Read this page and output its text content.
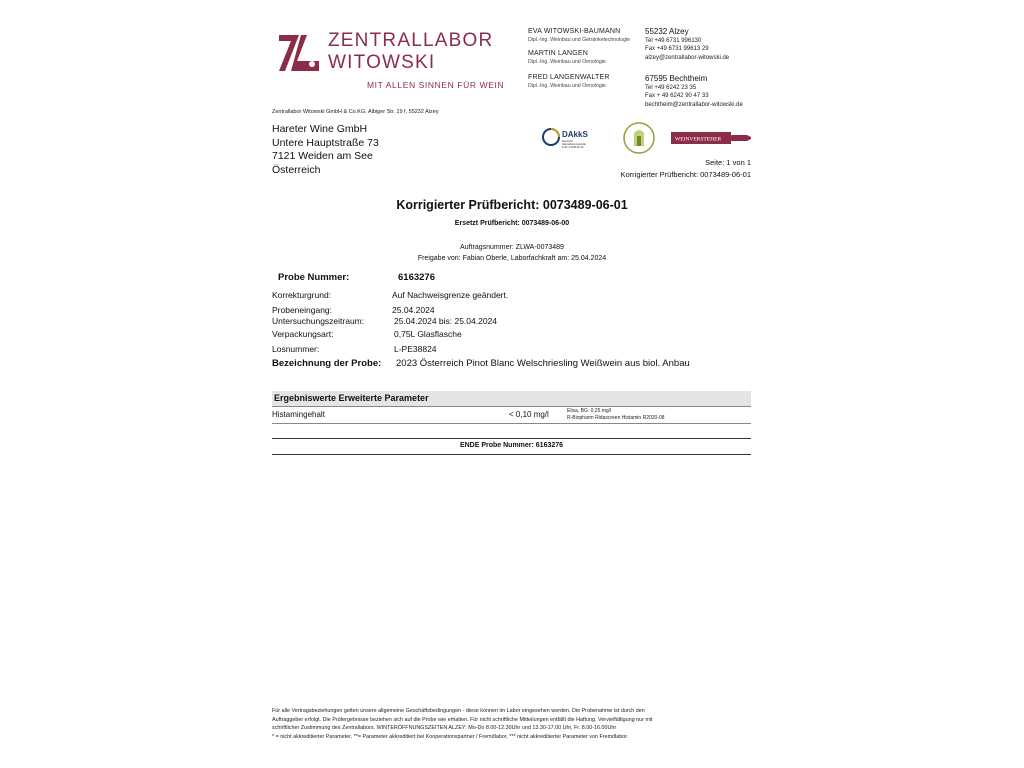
ZENTRALLABOR
WITOWSKI
MIT ALLEN SINNEN FÜR WEIN
EVA WITOWSKI-BAUMANN
Dipl.-Ing. Weinbau und Getränketechnologie
MARTIN LANGEN
Dipl.-Ing. Weinbau und Oenologie
FRED LANGENWALTER
Dipl.-Ing. Weinbau und Oenologie
55232 Alzey
Tel +49 6731 996130
Fax +49 6731 99613 29
alzey@zentrallabor-witowski.de
67595 Bechtheim
Tel +49 6242 23 35
Fax + 49 6242 90 47 33
bechtheim@zentrallabor-witowski.de
Zentrallabor Witowski GmbH & Co.KG, Albiger Str. 19 f, 55232 Alzey
Hareter Wine GmbH
Untere Hauptstraße 73
7121 Weiden am See
Österreich
DAkkS
Deutsche
Akkreditierungsstelle
D-PL-14108-01-00
WEINVERSTEHER
Seite: 1 von 1
Korrigierter Prüfbericht: 0073489-06-01
Korrigierter Prüfbericht: 0073489-06-01
Ersetzt Prüfbericht: 0073489-06-00
Auftragsnummer: ZLWA-0073489
Freigabe von: Fabian Oberle, Laborfachkraft am: 25.04.2024
Probe Nummer:	6163276
Korrekturgrund:	Auf Nachweisgrenze geändert.
Probeneingang:	25.04.2024
Untersuchungszeitraum:	25.04.2024 bis: 25.04.2024
Verpackungsart:	0,75L Glasflasche
Losnummer:	L-PE38824
Bezeichnung der Probe: 2023 Österreich Pinot Blanc Welschriesling Weißwein aus biol. Anbau
Ergebniswerte Erweiterte Parameter
Histamingehalt	< 0,10 mg/l	Elisa, BG: 0,25 mg/l
R-Biopharm Ridascreen Histamin R2020-08
ENDE Probe Nummer: 6163276

Für alle Vertragsbeziehungen gelten unsere allgemeine Geschäftsbedingungen - diese können im Labor eingesehen werden. Die Probenahme ist durch den

Auftraggeber erfolgt. Die Prüfergebnisse beziehen sich auf die Probe wie erhalten. Für nicht schriftliche Mitteilungen entfällt die Haftung. Vervielfältigung nur mit

schriftlicher Zustimmung des Zentrallabors. WINTERÖFFNUNGSZEITEN ALZEY: Mo-Do 8.00-12.30Uhr und 13.30-17.00 Uhr, Fr. 8.00-16.00Uhr

* = nicht akkreditierter Parameter, **= Parameter akkreditiert bei Kooperationspartner / Fremdlabor, *** nicht akkreditierter Parameter von Fremdlabor.
